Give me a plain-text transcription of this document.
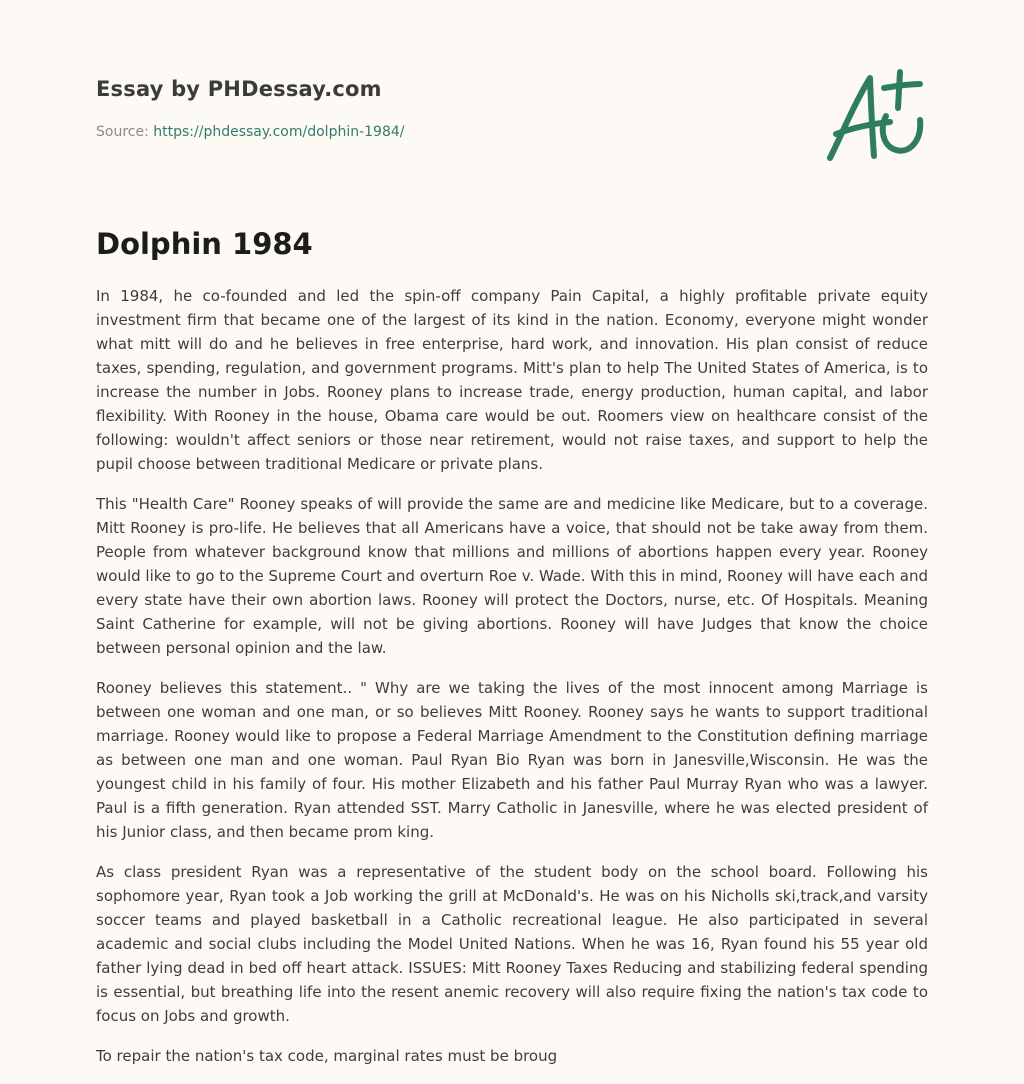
Essay by PHDessay.com
Source: https://phdessay.com/dolphin-1984/
Dolphin 1984

In 1984, he co-founded and led the spin-off company Pain Capital, a highly profitable private equity investment firm that became one of the largest of its kind in the nation. Economy, everyone might wonder what mitt will do and he believes in free enterprise, hard work, and innovation. His plan consist of reduce taxes, spending, regulation, and government programs. Mitt's plan to help The United States of America, is to increase the number in Jobs. Rooney plans to increase trade, energy production, human capital, and labor flexibility. With Rooney in the house, Obama care would be out. Roomers view on healthcare consist of the following: wouldn't affect seniors or those near retirement, would not raise taxes, and support to help the pupil choose between traditional Medicare or private plans.

This "Health Care" Rooney speaks of will provide the same are and medicine like Medicare, but to a coverage. Mitt Rooney is pro-life. He believes that all Americans have a voice, that should not be take away from them. People from whatever background know that millions and millions of abortions happen every year. Rooney would like to go to the Supreme Court and overturn Roe v. Wade. With this in mind, Rooney will have each and every state have their own abortion laws. Rooney will protect the Doctors, nurse, etc. Of Hospitals. Meaning Saint Catherine for example, will not be giving abortions. Rooney will have Judges that know the choice between personal opinion and the law.

Rooney believes this statement.. " Why are we taking the lives of the most innocent among Marriage is between one woman and one man, or so believes Mitt Rooney. Rooney says he wants to support traditional marriage. Rooney would like to propose a Federal Marriage Amendment to the Constitution defining marriage as between one man and one woman. Paul Ryan Bio Ryan was born in Janesville,Wisconsin. He was the youngest child in his family of four. His mother Elizabeth and his father Paul Murray Ryan who was a lawyer. Paul is a fifth generation. Ryan attended SST. Marry Catholic in Janesville, where he was elected president of his Junior class, and then became prom king.

As class president Ryan was a representative of the student body on the school board. Following his sophomore year, Ryan took a Job working the grill at McDonald's. He was on his Nicholls ski,track,and varsity soccer teams and played basketball in a Catholic recreational league. He also participated in several academic and social clubs including the Model United Nations. When he was 16, Ryan found his 55 year old father lying dead in bed off heart attack. ISSUES: Mitt Rooney Taxes Reducing and stabilizing federal spending is essential, but breathing life into the resent anemic recovery will also require fixing the nation's tax code to focus on Jobs and growth.

To repair the nation's tax code, marginal rates must be broug
